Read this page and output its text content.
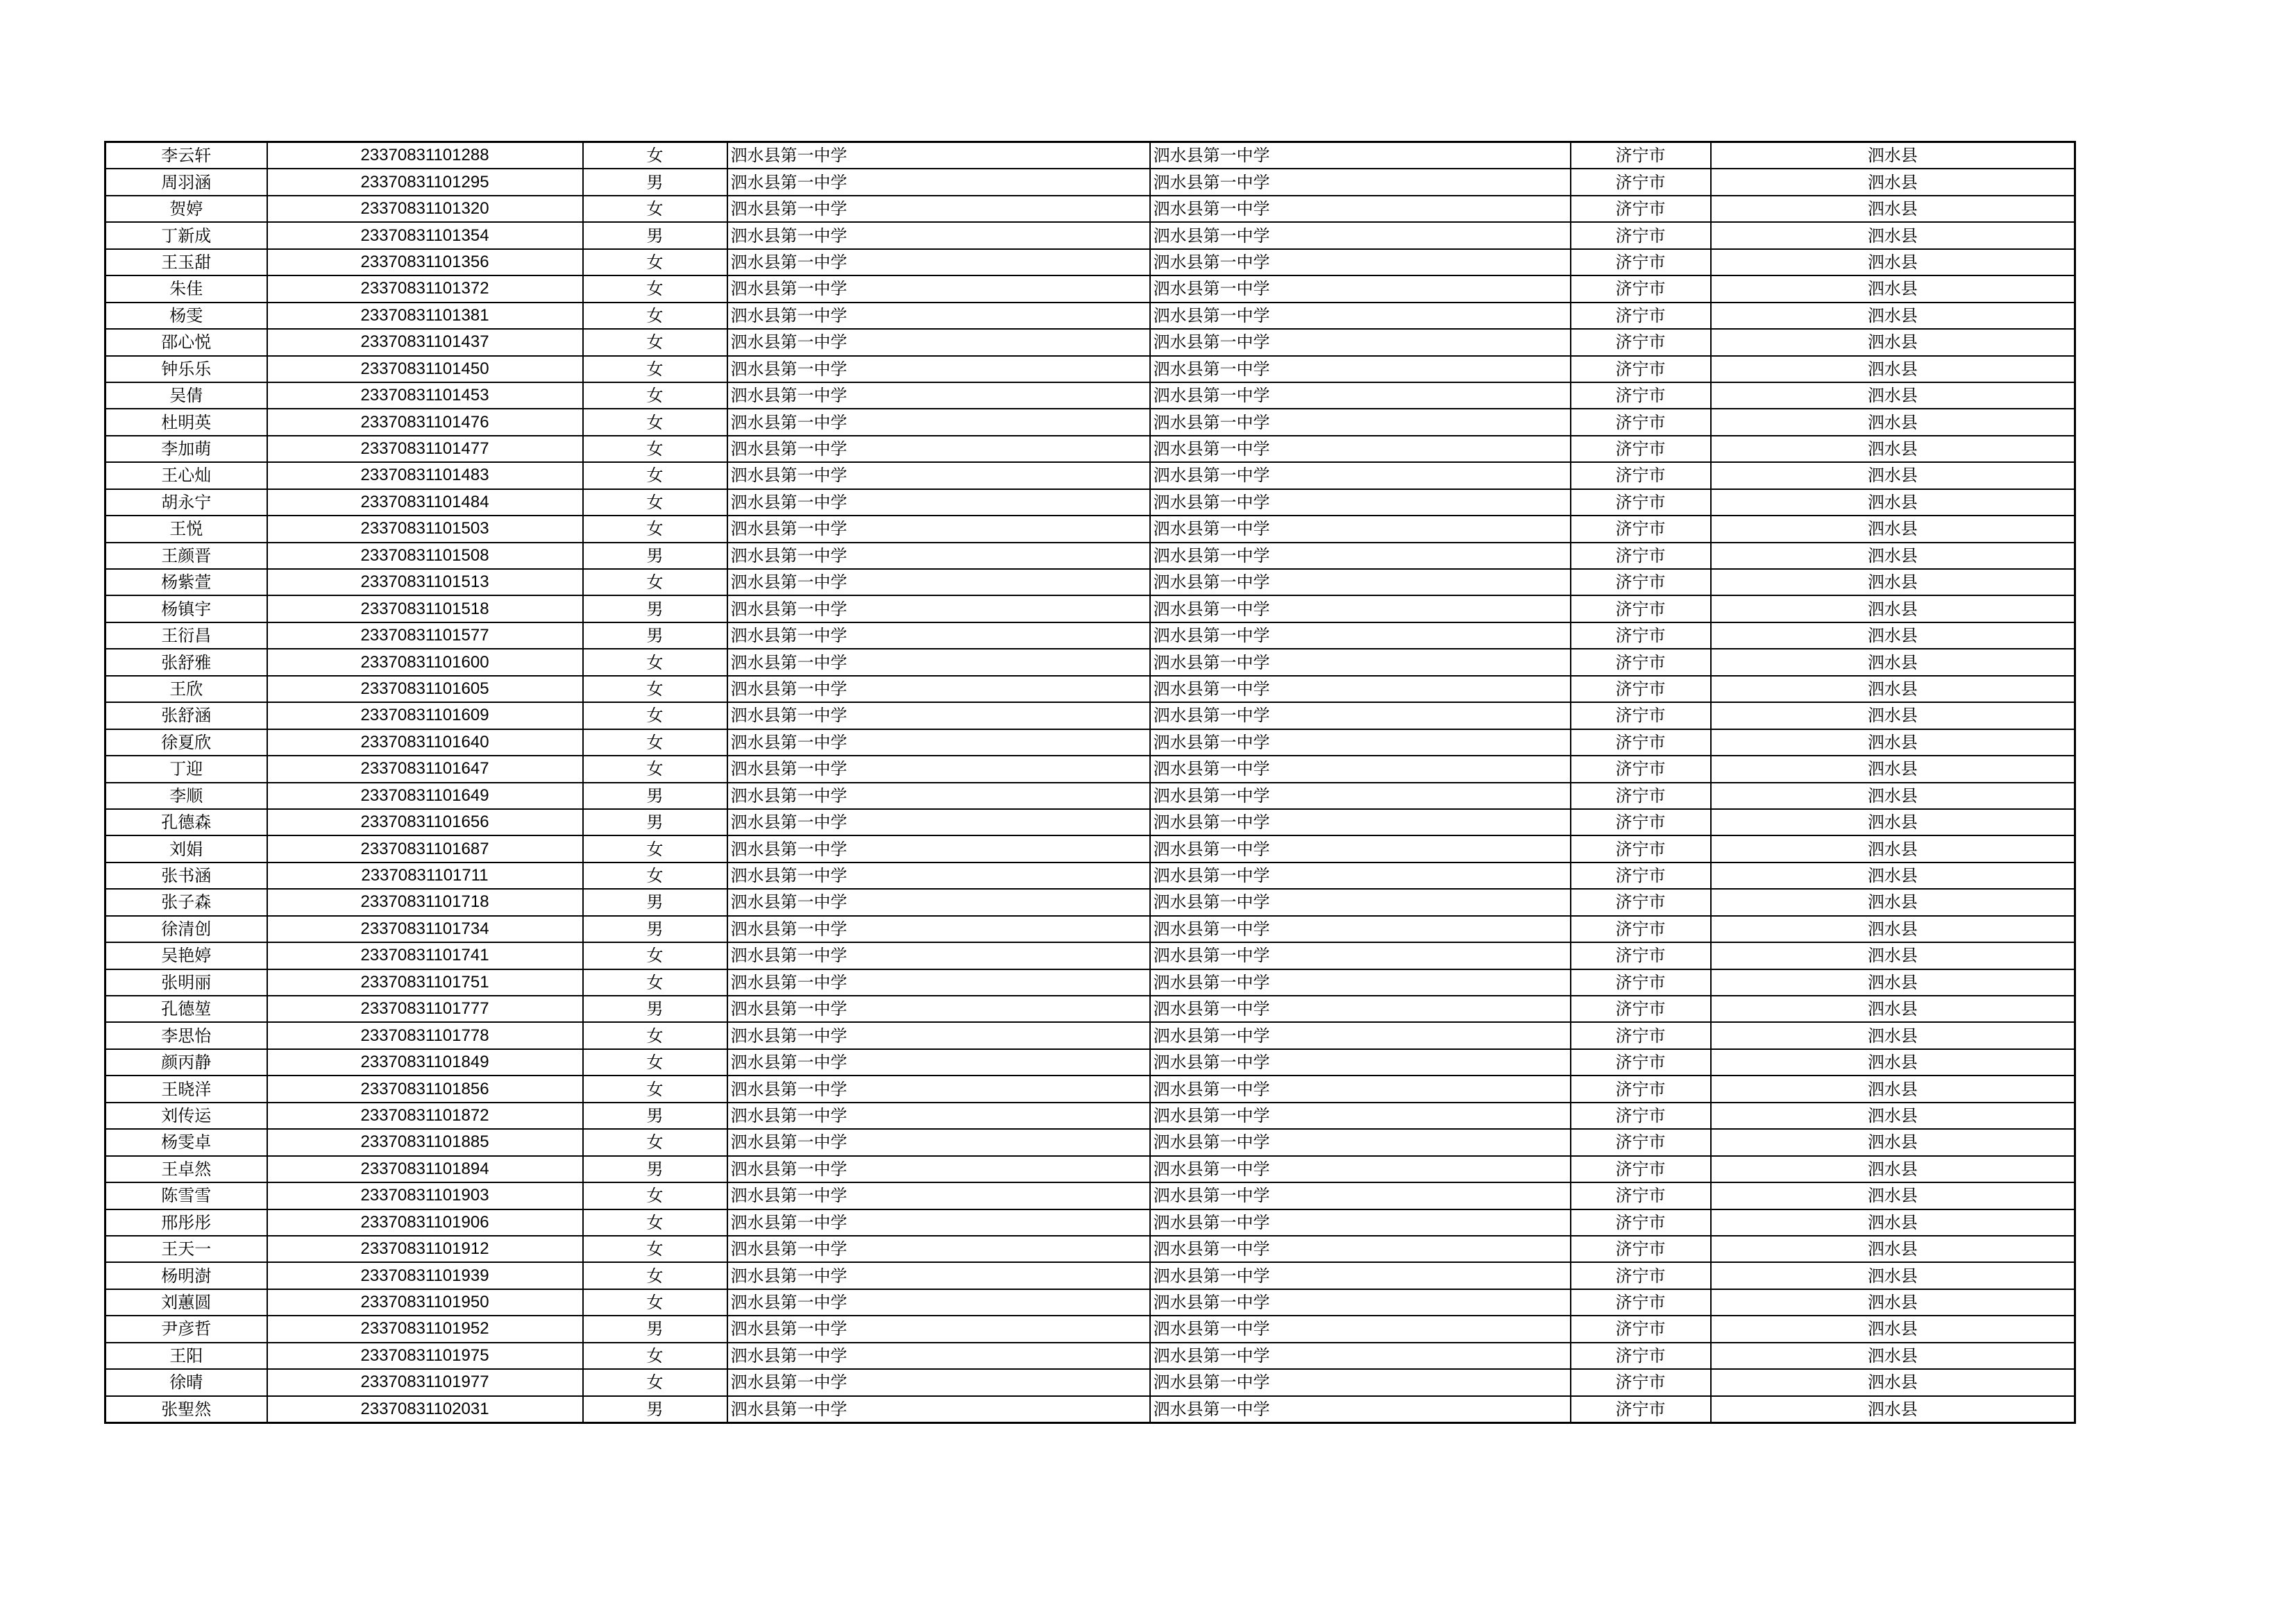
李云轩	23370831101288	女	泗水县第一中学	泗水县第一中学	济宁市	泗水县
周羽涵	23370831101295	男	泗水县第一中学	泗水县第一中学	济宁市	泗水县
贺婷	23370831101320	女	泗水县第一中学	泗水县第一中学	济宁市	泗水县
丁新成	23370831101354	男	泗水县第一中学	泗水县第一中学	济宁市	泗水县
王玉甜	23370831101356	女	泗水县第一中学	泗水县第一中学	济宁市	泗水县
朱佳	23370831101372	女	泗水县第一中学	泗水县第一中学	济宁市	泗水县
杨雯	23370831101381	女	泗水县第一中学	泗水县第一中学	济宁市	泗水县
邵心悦	23370831101437	女	泗水县第一中学	泗水县第一中学	济宁市	泗水县
钟乐乐	23370831101450	女	泗水县第一中学	泗水县第一中学	济宁市	泗水县
吴倩	23370831101453	女	泗水县第一中学	泗水县第一中学	济宁市	泗水县
杜明英	23370831101476	女	泗水县第一中学	泗水县第一中学	济宁市	泗水县
李加萌	23370831101477	女	泗水县第一中学	泗水县第一中学	济宁市	泗水县
王心灿	23370831101483	女	泗水县第一中学	泗水县第一中学	济宁市	泗水县
胡永宁	23370831101484	女	泗水县第一中学	泗水县第一中学	济宁市	泗水县
王悦	23370831101503	女	泗水县第一中学	泗水县第一中学	济宁市	泗水县
王颜晋	23370831101508	男	泗水县第一中学	泗水县第一中学	济宁市	泗水县
杨紫萱	23370831101513	女	泗水县第一中学	泗水县第一中学	济宁市	泗水县
杨镇宇	23370831101518	男	泗水县第一中学	泗水县第一中学	济宁市	泗水县
王衍昌	23370831101577	男	泗水县第一中学	泗水县第一中学	济宁市	泗水县
张舒雅	23370831101600	女	泗水县第一中学	泗水县第一中学	济宁市	泗水县
王欣	23370831101605	女	泗水县第一中学	泗水县第一中学	济宁市	泗水县
张舒涵	23370831101609	女	泗水县第一中学	泗水县第一中学	济宁市	泗水县
徐夏欣	23370831101640	女	泗水县第一中学	泗水县第一中学	济宁市	泗水县
丁迎	23370831101647	女	泗水县第一中学	泗水县第一中学	济宁市	泗水县
李顺	23370831101649	男	泗水县第一中学	泗水县第一中学	济宁市	泗水县
孔德森	23370831101656	男	泗水县第一中学	泗水县第一中学	济宁市	泗水县
刘娟	23370831101687	女	泗水县第一中学	泗水县第一中学	济宁市	泗水县
张书涵	23370831101711	女	泗水县第一中学	泗水县第一中学	济宁市	泗水县
张子森	23370831101718	男	泗水县第一中学	泗水县第一中学	济宁市	泗水县
徐清创	23370831101734	男	泗水县第一中学	泗水县第一中学	济宁市	泗水县
吴艳婷	23370831101741	女	泗水县第一中学	泗水县第一中学	济宁市	泗水县
张明丽	23370831101751	女	泗水县第一中学	泗水县第一中学	济宁市	泗水县
孔德堃	23370831101777	男	泗水县第一中学	泗水县第一中学	济宁市	泗水县
李思怡	23370831101778	女	泗水县第一中学	泗水县第一中学	济宁市	泗水县
颜丙静	23370831101849	女	泗水县第一中学	泗水县第一中学	济宁市	泗水县
王晓洋	23370831101856	女	泗水县第一中学	泗水县第一中学	济宁市	泗水县
刘传运	23370831101872	男	泗水县第一中学	泗水县第一中学	济宁市	泗水县
杨雯卓	23370831101885	女	泗水县第一中学	泗水县第一中学	济宁市	泗水县
王卓然	23370831101894	男	泗水县第一中学	泗水县第一中学	济宁市	泗水县
陈雪雪	23370831101903	女	泗水县第一中学	泗水县第一中学	济宁市	泗水县
邢彤彤	23370831101906	女	泗水县第一中学	泗水县第一中学	济宁市	泗水县
王天一	23370831101912	女	泗水县第一中学	泗水县第一中学	济宁市	泗水县
杨明澍	23370831101939	女	泗水县第一中学	泗水县第一中学	济宁市	泗水县
刘蕙圆	23370831101950	女	泗水县第一中学	泗水县第一中学	济宁市	泗水县
尹彦哲	23370831101952	男	泗水县第一中学	泗水县第一中学	济宁市	泗水县
王阳	23370831101975	女	泗水县第一中学	泗水县第一中学	济宁市	泗水县
徐晴	23370831101977	女	泗水县第一中学	泗水县第一中学	济宁市	泗水县
张聖然	23370831102031	男	泗水县第一中学	泗水县第一中学	济宁市	泗水县
